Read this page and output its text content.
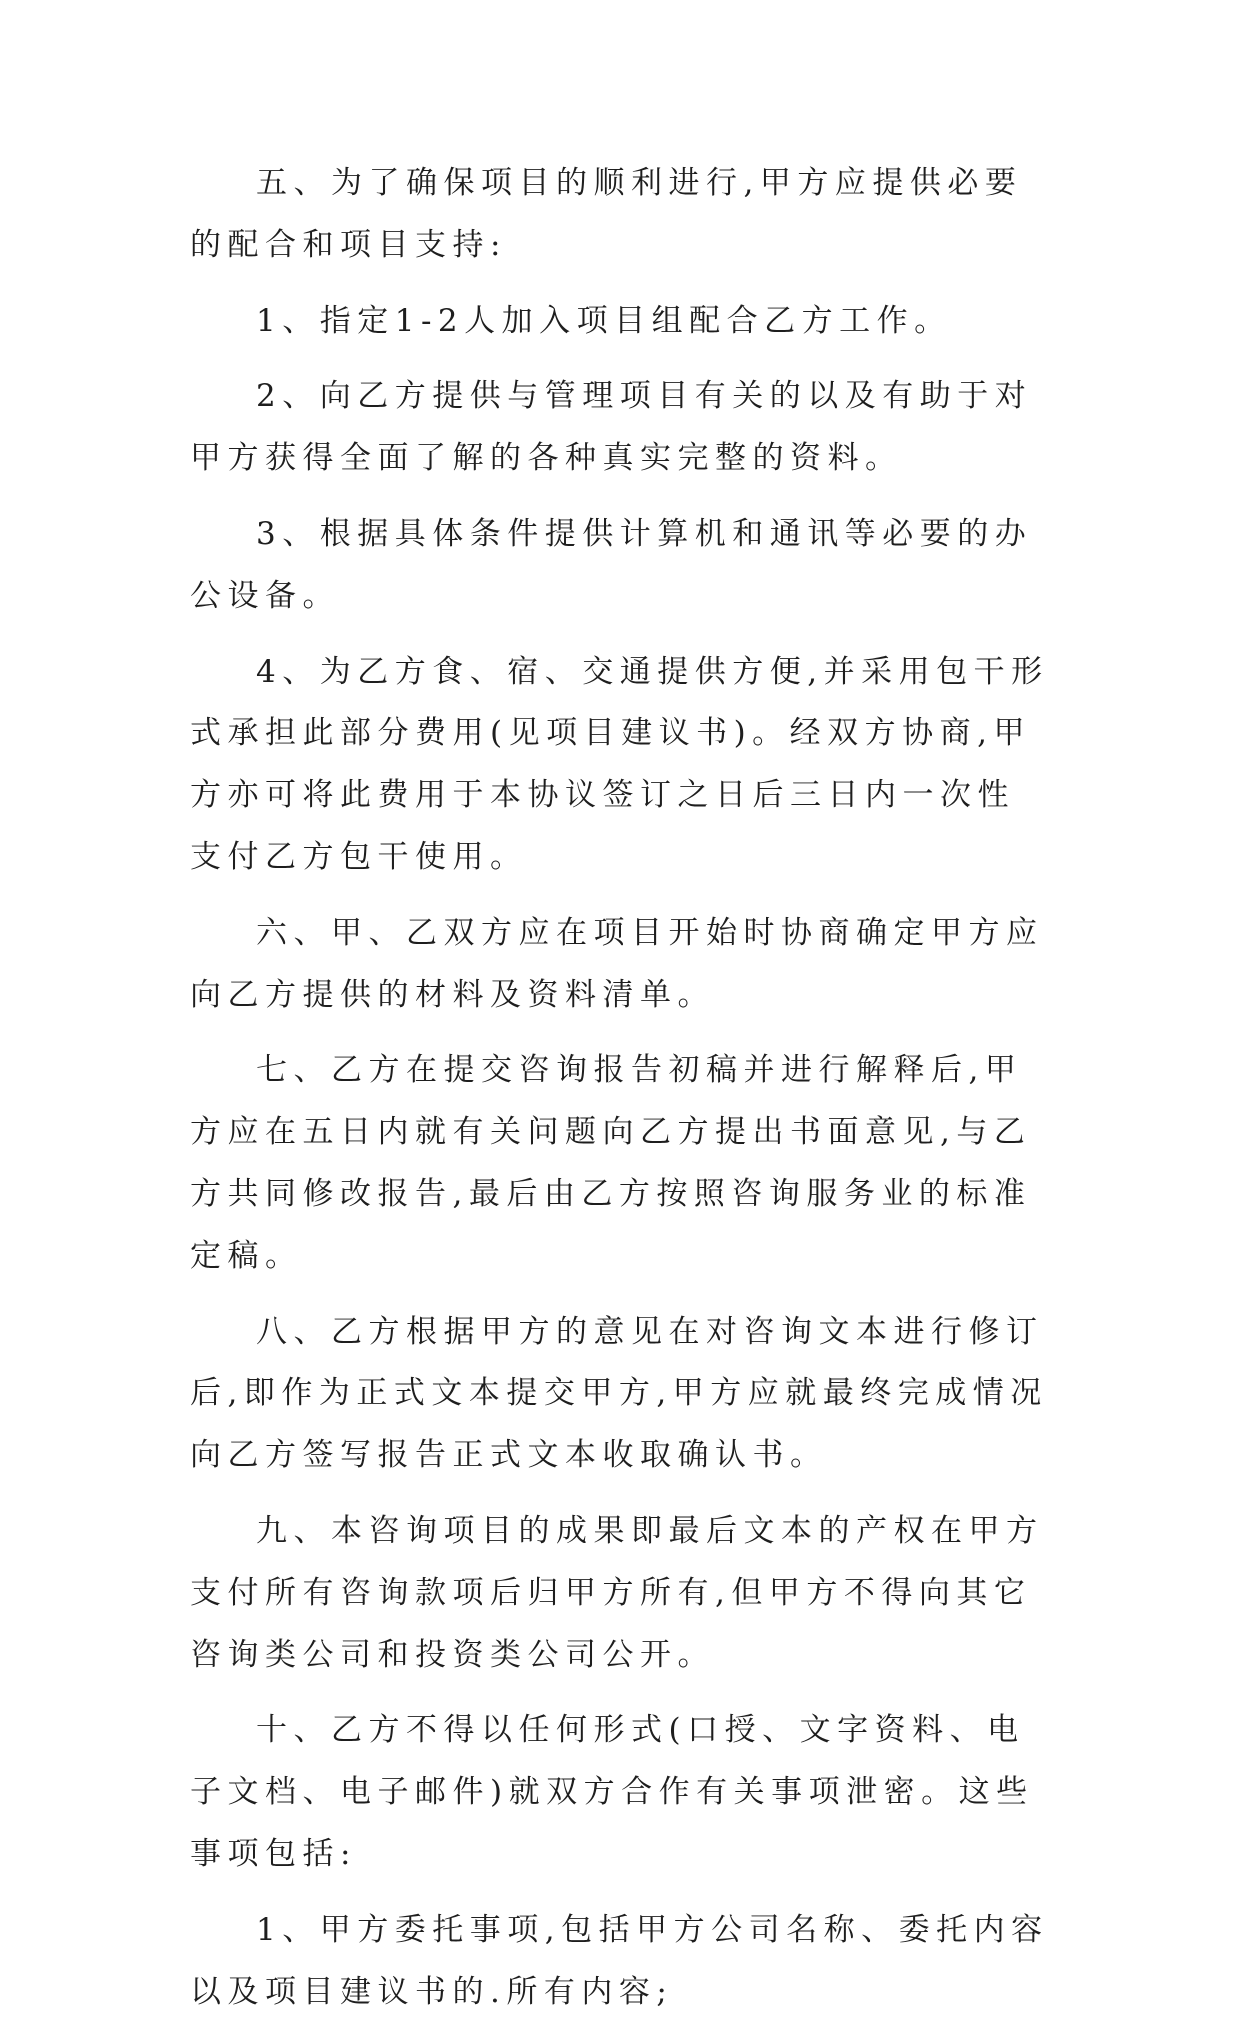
五、为了确保项目的顺利进行,甲方应提供必要的配合和项目支持:

1、指定1-2人加入项目组配合乙方工作。

2、向乙方提供与管理项目有关的以及有助于对甲方获得全面了解的各种真实完整的资料。

3、根据具体条件提供计算机和通讯等必要的办公设备。

4、为乙方食、宿、交通提供方便,并采用包干形式承担此部分费用(见项目建议书)。经双方协商,甲方亦可将此费用于本协议签订之日后三日内一次性支付乙方包干使用。

六、甲、乙双方应在项目开始时协商确定甲方应向乙方提供的材料及资料清单。

七、乙方在提交咨询报告初稿并进行解释后,甲方应在五日内就有关问题向乙方提出书面意见,与乙方共同修改报告,最后由乙方按照咨询服务业的标准定稿。

八、乙方根据甲方的意见在对咨询文本进行修订后,即作为正式文本提交甲方,甲方应就最终完成情况向乙方签写报告正式文本收取确认书。

九、本咨询项目的成果即最后文本的产权在甲方支付所有咨询款项后归甲方所有,但甲方不得向其它咨询类公司和投资类公司公开。

十、乙方不得以任何形式(口授、文字资料、电子文档、电子邮件)就双方合作有关事项泄密。这些事项包括:

1、甲方委托事项,包括甲方公司名称、委托内容以及项目建议书的.所有内容;
